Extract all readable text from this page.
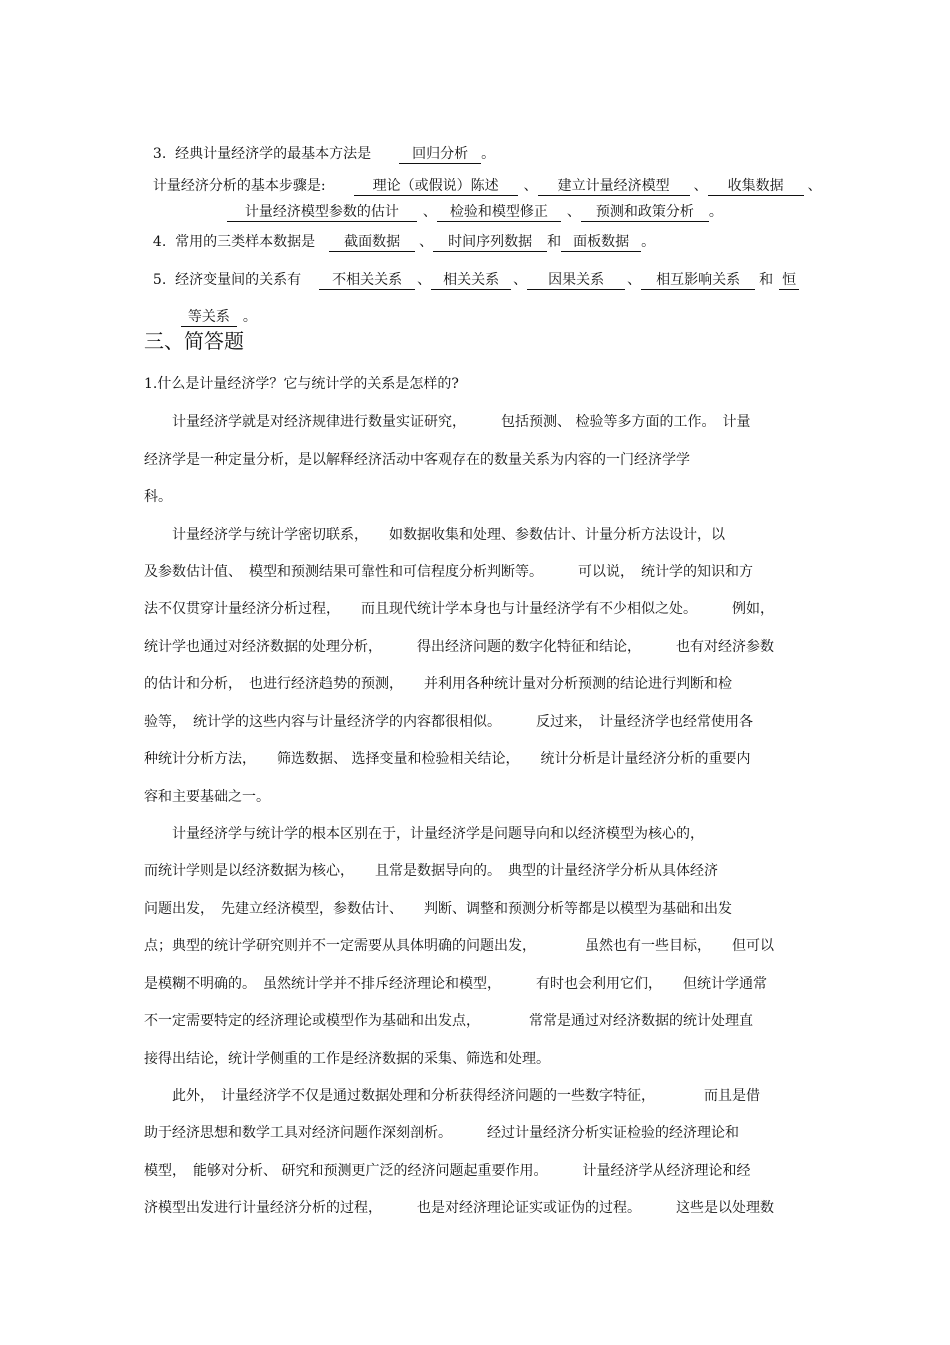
3. 经典计量经济学的最基本方法是	回归分析 。

计量经济分析的基本步骤是:	理论（或假说）陈述 、 建立计量经济模型 、 收集数据 、

计量经济模型参数的估计 、 检验和模型修正 、 预测和政策分析 。

4. 常用的三类样本数据是 截面数据 、 时间序列数据 和 面板数据 。

5. 经济变量间的关系有 不相关关系 、 相关关系 、 因果关系 、 相互影响关系 和 恒

等关系 。

三、简答题
1.什么是计量经济学？它与统计学的关系是怎样的?
　　计量经济学就是对经济规律进行数量实证研究，　　　包括预测、 检验等多方面的工作。　计量
经济学是一种定量分析，是以解释经济活动中客观存在的数量关系为内容的一门经济学学
科。
　　计量经济学与统计学密切联系，　　如数据收集和处理、参数估计、计量分析方法设计，以
及参数估计值、　模型和预测结果可靠性和可信程度分析判断等。　　　可以说，　统计学的知识和方
法不仅贯穿计量经济分析过程，　　而且现代统计学本身也与计量经济学有不少相似之处。　　　例如，
统计学也通过对经济数据的处理分析，　　　得出经济问题的数字化特征和结论，　　　也有对经济参数
的估计和分析，　也进行经济趋势的预测，　　并利用各种统计量对分析预测的结论进行判断和检
验等，　统计学的这些内容与计量经济学的内容都很相似。　　　反过来，　计量经济学也经常使用各
种统计分析方法，　　筛选数据、 选择变量和检验相关结论，　　统计分析是计量经济分析的重要内
容和主要基础之一。
　　计量经济学与统计学的根本区别在于，计量经济学是问题导向和以经济模型为核心的，
而统计学则是以经济数据为核心，　　且常是数据导向的。　典型的计量经济学分析从具体经济
问题出发，　先建立经济模型，参数估计、　　判断、调整和预测分析等都是以模型为基础和出发
点；典型的统计学研究则并不一定需要从具体明确的问题出发，　　　　虽然也有一些目标，　　但可以
是模糊不明确的。　虽然统计学并不排斥经济理论和模型，　　　有时也会利用它们，　　但统计学通常
不一定需要特定的经济理论或模型作为基础和出发点，　　　　常常是通过对经济数据的统计处理直
接得出结论，统计学侧重的工作是经济数据的采集、筛选和处理。
　　此外，　计量经济学不仅是通过数据处理和分析获得经济问题的一些数字特征，　　　　而且是借
助于经济思想和数学工具对经济问题作深刻剖析。　　　经过计量经济分析实证检验的经济理论和
模型，　能够对分析、 研究和预测更广泛的经济问题起重要作用。　　　计量经济学从经济理论和经
济模型出发进行计量经济分析的过程，　　　也是对经济理论证实或证伪的过程。　　　这些是以处理数
